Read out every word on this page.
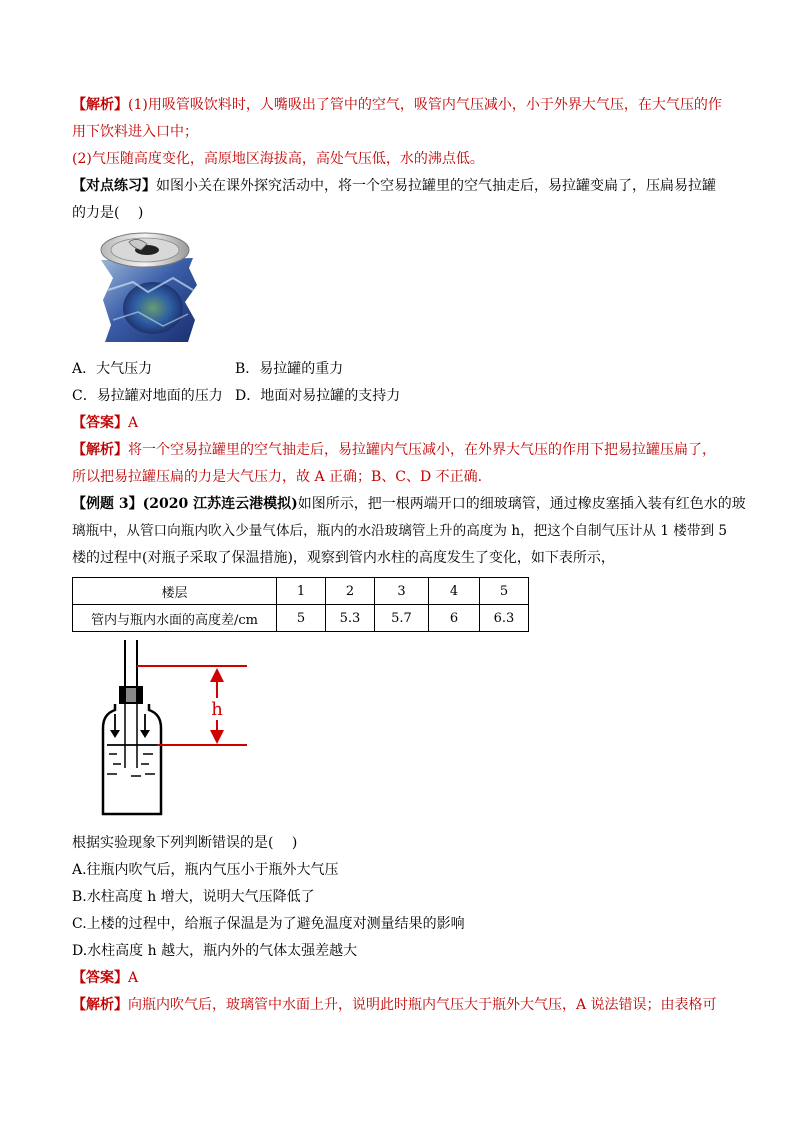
【解析】(1)用吸管吸饮料时，人嘴吸出了管中的空气，吸管内气压减小，小于外界大气压，在大气压的作
用下饮料进入口中；
(2)气压随高度变化，高原地区海拔高，高处气压低，水的沸点低。
【对点练习】如图小关在课外探究活动中，将一个空易拉罐里的空气抽走后，易拉罐变扁了，压扁易拉罐
的力是(　 )
A．大气压力	B．易拉罐的重力
C．易拉罐对地面的压力 D．地面对易拉罐的支持力
【答案】A
【解析】将一个空易拉罐里的空气抽走后，易拉罐内气压减小，在外界大气压的作用下把易拉罐压扁了，
所以把易拉罐压扁的力是大气压力，故 A 正确；B、C、D 不正确.
【例题 3】(2020 江苏连云港模拟)如图所示，把一根两端开口的细玻璃管，通过橡皮塞插入装有红色水的玻
璃瓶中，从管口向瓶内吹入少量气体后，瓶内的水沿玻璃管上升的高度为 h，把这个自制气压计从 1 楼带到 5
楼的过程中(对瓶子采取了保温措施)，观察到管内水柱的高度发生了变化，如下表所示，
楼层	1	2	3	4	5
管内与瓶内水面的高度差/cm	5	5.3	5.7	6	6.3
h
根据实验现象下列判断错误的是(　 )
A.往瓶内吹气后，瓶内气压小于瓶外大气压
B.水柱高度 h 增大，说明大气压降低了
C.上楼的过程中，给瓶子保温是为了避免温度对测量结果的影响
D.水柱高度 h 越大，瓶内外的气体太强差越大
【答案】A
【解析】向瓶内吹气后，玻璃管中水面上升，说明此时瓶内气压大于瓶外大气压，A 说法错误；由表格可
